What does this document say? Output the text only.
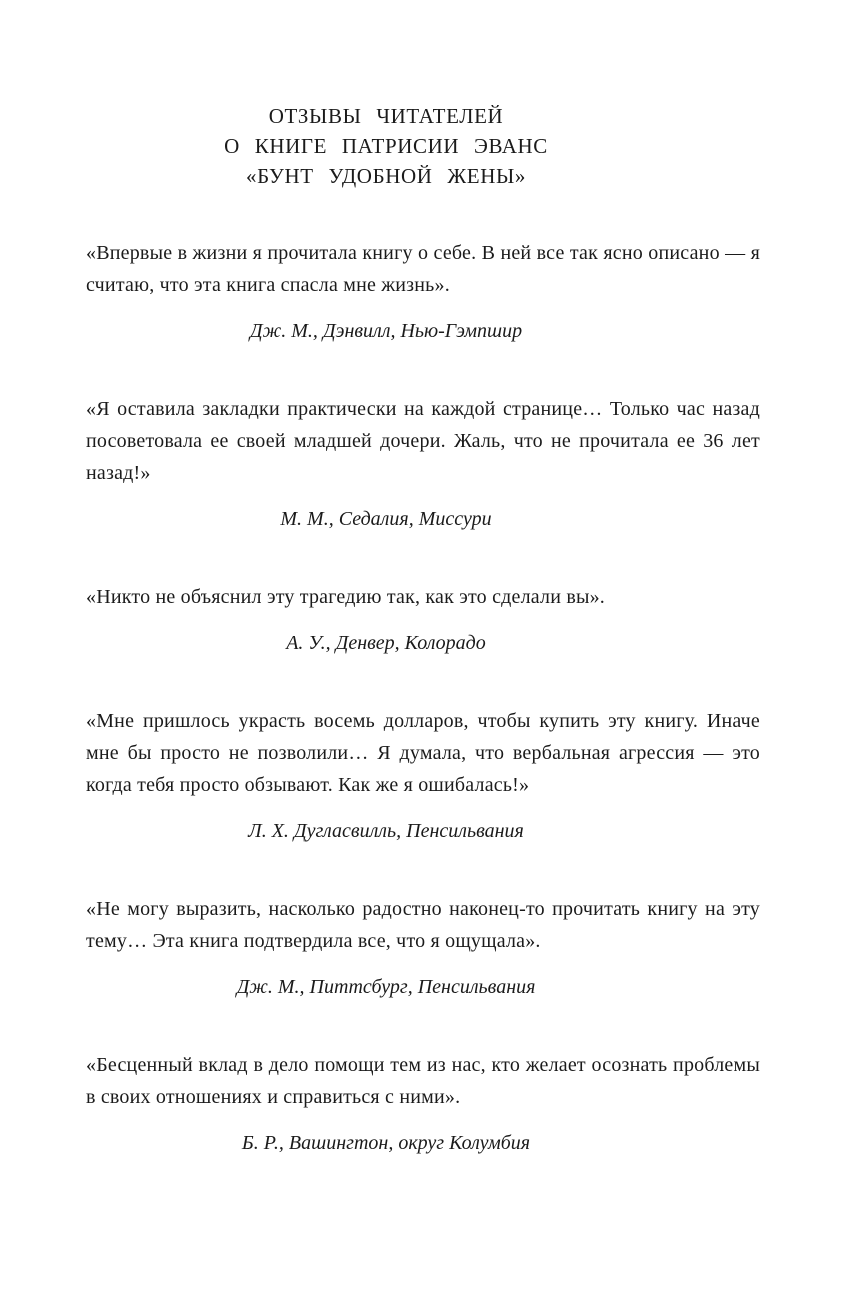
ОТЗЫВЫ ЧИТАТЕЛЕЙ
О КНИГЕ ПАТРИСИИ ЭВАНС
«БУНТ УДОБНОЙ ЖЕНЫ»

«Впервые в жизни я прочитала книгу о себе. В ней все так ясно описано — я считаю, что эта книга спасла мне жизнь».

Дж. М., Дэнвилл, Нью-Гэмпшир

«Я оставила закладки практически на каждой странице… Только час назад посоветовала ее своей младшей дочери. Жаль, что не прочитала ее 36 лет назад!»

М. М., Седалия, Миссури

«Никто не объяснил эту трагедию так, как это сделали вы».

А. У., Денвер, Колорадо

«Мне пришлось украсть восемь долларов, чтобы купить эту книгу. Иначе мне бы просто не позволили… Я думала, что вербальная агрессия — это когда тебя просто обзывают. Как же я ошибалась!»

Л. Х. Дугласвилль, Пенсильвания

«Не могу выразить, насколько радостно наконец-то прочитать книгу на эту тему… Эта книга подтвердила все, что я ощущала».

Дж. М., Питтсбург, Пенсильвания

«Бесценный вклад в дело помощи тем из нас, кто желает осознать проблемы в своих отношениях и справиться с ними».

Б. Р., Вашингтон, округ Колумбия
